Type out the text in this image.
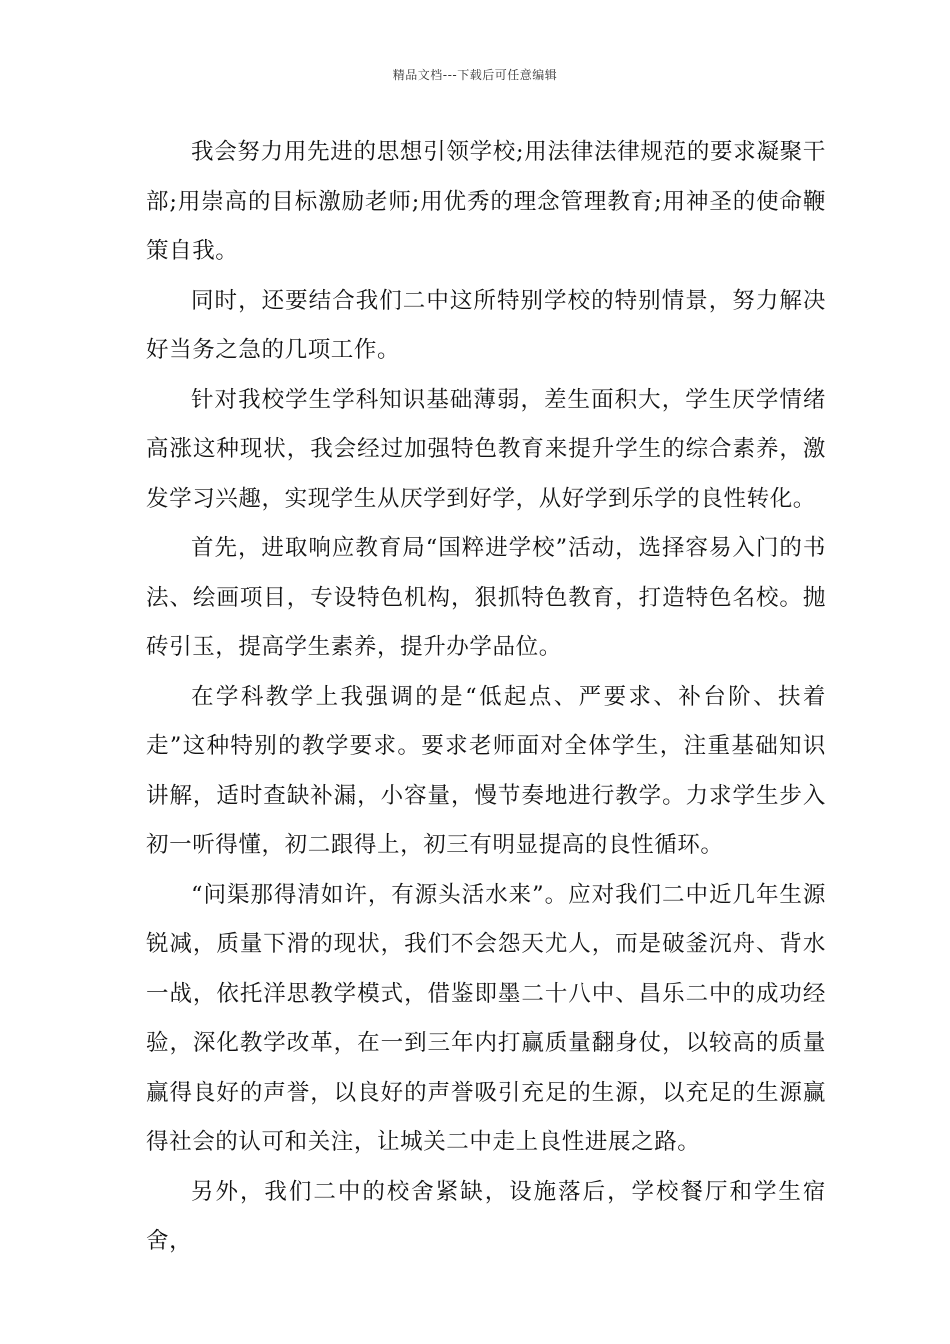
精品文档---下载后可任意编辑

我会努力用先进的思想引领学校;用法律法律规范的要求凝聚干部;用崇高的目标激励老师;用优秀的理念管理教育;用神圣的使命鞭策自我。

同时，还要结合我们二中这所特别学校的特别情景，努力解决好当务之急的几项工作。

针对我校学生学科知识基础薄弱，差生面积大，学生厌学情绪高涨这种现状，我会经过加强特色教育来提升学生的综合素养，激发学习兴趣，实现学生从厌学到好学，从好学到乐学的良性转化。

首先，进取响应教育局“国粹进学校”活动，选择容易入门的书法、绘画项目，专设特色机构，狠抓特色教育，打造特色名校。抛砖引玉，提高学生素养，提升办学品位。

在学科教学上我强调的是“低起点、严要求、补台阶、扶着走”这种特别的教学要求。要求老师面对全体学生，注重基础知识讲解，适时查缺补漏，小容量，慢节奏地进行教学。力求学生步入初一听得懂，初二跟得上，初三有明显提高的良性循环。

“问渠那得清如许，有源头活水来”。应对我们二中近几年生源锐减，质量下滑的现状，我们不会怨天尤人，而是破釜沉舟、背水一战，依托洋思教学模式，借鉴即墨二十八中、昌乐二中的成功经验，深化教学改革，在一到三年内打赢质量翻身仗，以较高的质量赢得良好的声誉，以良好的声誉吸引充足的生源，以充足的生源赢得社会的认可和关注，让城关二中走上良性进展之路。

另外，我们二中的校舍紧缺，设施落后，学校餐厅和学生宿舍，
